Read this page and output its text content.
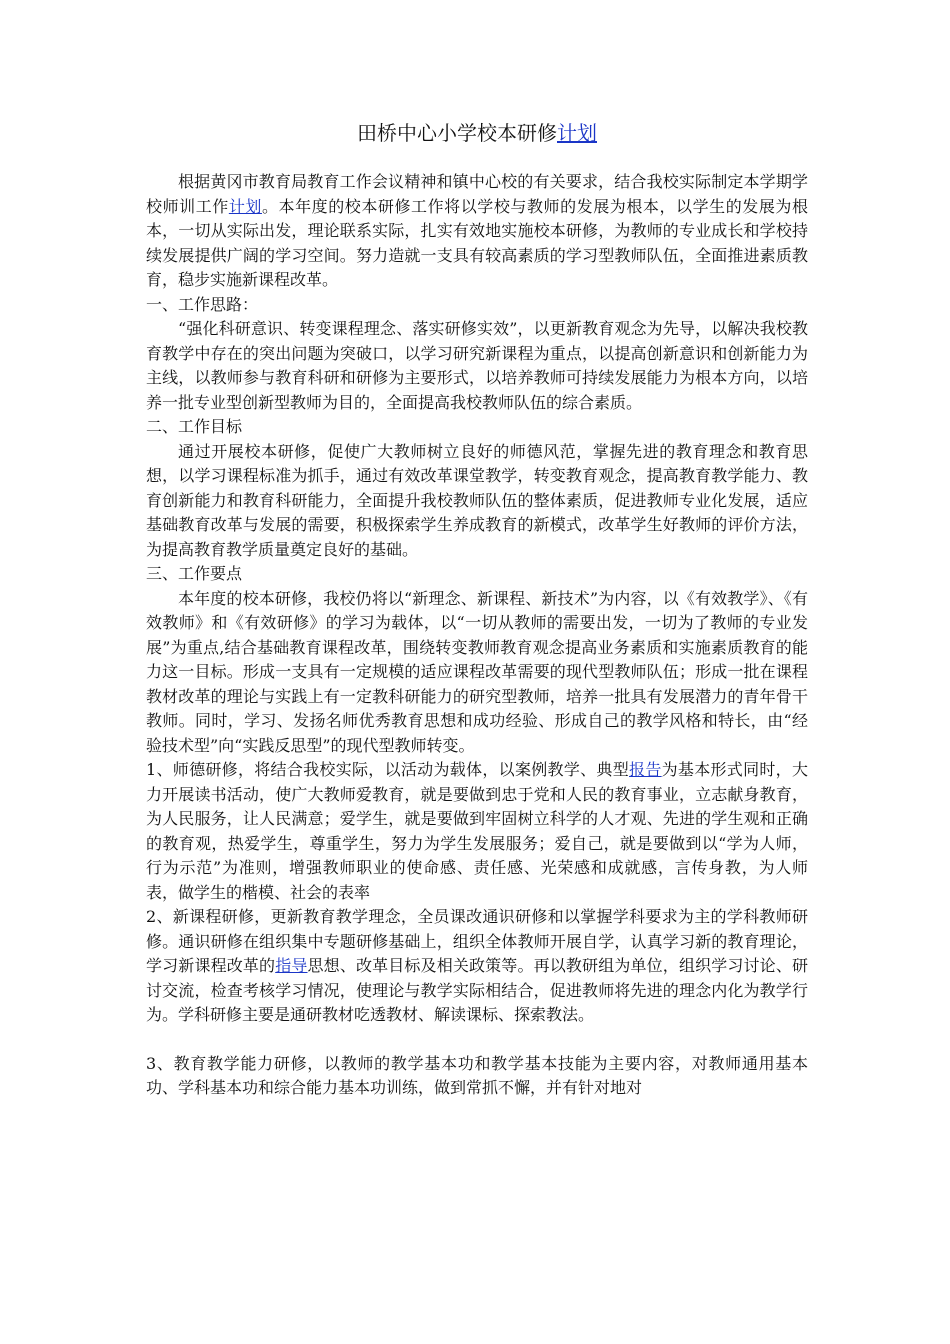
田桥中心小学校本研修计划

根据黄冈市教育局教育工作会议精神和镇中心校的有关要求，结合我校实际制定本学期学校师训工作计划。本年度的校本研修工作将以学校与教师的发展为根本，以学生的发展为根本，一切从实际出发，理论联系实际，扎实有效地实施校本研修，为教师的专业成长和学校持续发展提供广阔的学习空间。努力造就一支具有较高素质的学习型教师队伍，全面推进素质教育，稳步实施新课程改革。

一、工作思路：

“强化科研意识、转变课程理念、落实研修实效”，以更新教育观念为先导，以解决我校教育教学中存在的突出问题为突破口，以学习研究新课程为重点，以提高创新意识和创新能力为主线，以教师参与教育科研和研修为主要形式，以培养教师可持续发展能力为根本方向，以培养一批专业型创新型教师为目的，全面提高我校教师队伍的综合素质。

二、工作目标

通过开展校本研修，促使广大教师树立良好的师德风范，掌握先进的教育理念和教育思想，以学习课程标准为抓手，通过有效改革课堂教学，转变教育观念，提高教育教学能力、教育创新能力和教育科研能力，全面提升我校教师队伍的整体素质，促进教师专业化发展，适应基础教育改革与发展的需要，积极探索学生养成教育的新模式，改革学生好教师的评价方法，为提高教育教学质量奠定良好的基础。

三、工作要点

本年度的校本研修，我校仍将以“新理念、新课程、新技术”为内容，以《有效教学》、《有效教师》和《有效研修》的学习为载体，以“一切从教师的需要出发，一切为了教师的专业发展”为重点,结合基础教育课程改革，围绕转变教师教育观念提高业务素质和实施素质教育的能力这一目标。形成一支具有一定规模的适应课程改革需要的现代型教师队伍；形成一批在课程教材改革的理论与实践上有一定教科研能力的研究型教师，培养一批具有发展潜力的青年骨干教师。同时，学习、发扬名师优秀教育思想和成功经验、形成自己的教学风格和特长，由“经验技术型”向“实践反思型”的现代型教师转变。

1、师德研修，将结合我校实际，以活动为载体，以案例教学、典型报告为基本形式同时，大力开展读书活动，使广大教师爱教育，就是要做到忠于党和人民的教育事业，立志献身教育，为人民服务，让人民满意；爱学生，就是要做到牢固树立科学的人才观、先进的学生观和正确的教育观，热爱学生，尊重学生，努力为学生发展服务；爱自己，就是要做到以“学为人师，行为示范”为准则，增强教师职业的使命感、责任感、光荣感和成就感，言传身教，为人师表，做学生的楷模、社会的表率

2、新课程研修，更新教育教学理念，全员课改通识研修和以掌握学科要求为主的学科教师研修。通识研修在组织集中专题研修基础上，组织全体教师开展自学，认真学习新的教育理论，学习新课程改革的指导思想、改革目标及相关政策等。再以教研组为单位，组织学习讨论、研讨交流，检查考核学习情况，使理论与教学实际相结合，促进教师将先进的理念内化为教学行为。学科研修主要是通研教材吃透教材、解读课标、探索教法。

3、教育教学能力研修，以教师的教学基本功和教学基本技能为主要内容，对教师通用基本功、学科基本功和综合能力基本功训练，做到常抓不懈，并有针对地对
